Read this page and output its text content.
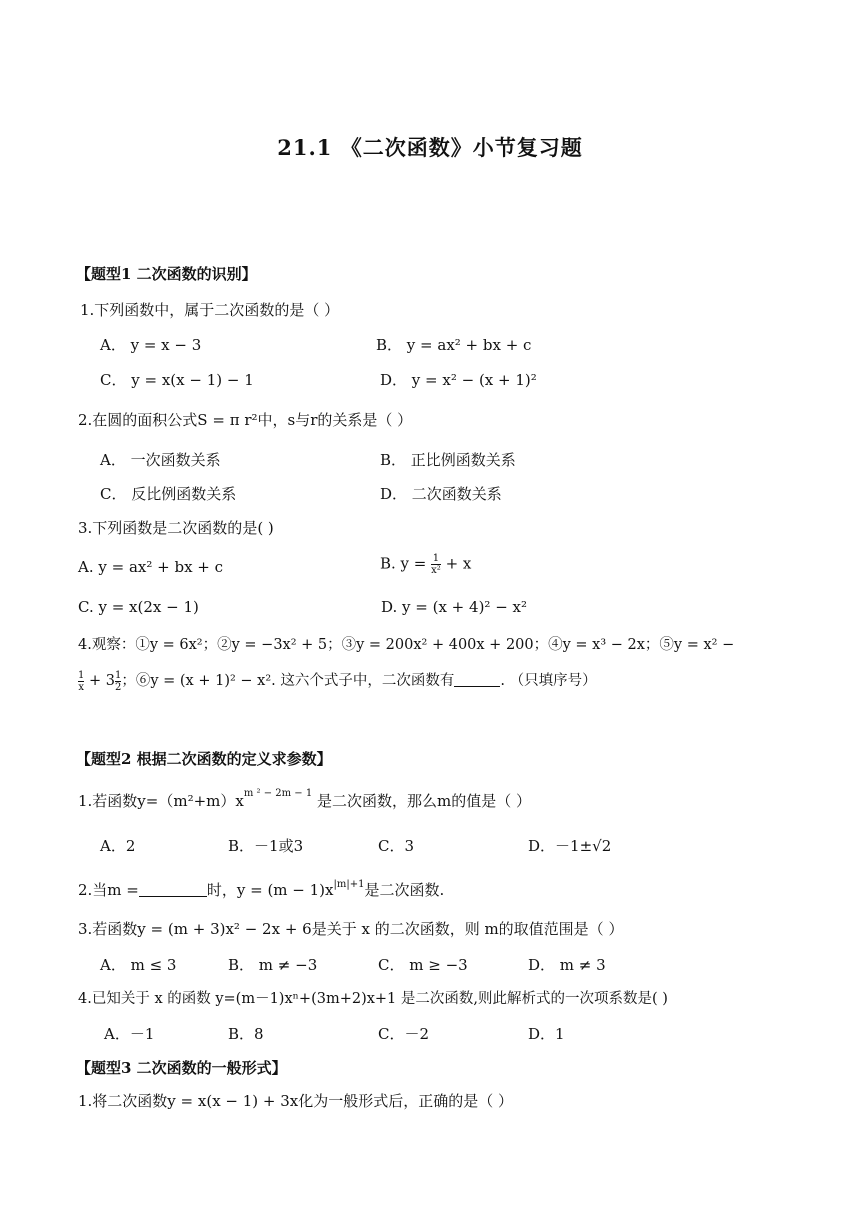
21.1 《二次函数》小节复习题
【题型1 二次函数的识别】
1.下列函数中，属于二次函数的是（ ）
A． y = x − 3	B． y = ax² + bx + c
C． y = x(x − 1) − 1	D． y = x² − (x + 1)²
2.在圆的面积公式S = π r²中，s与r的关系是（ ）
A． 一次函数关系	B． 正比例函数关系
C． 反比例函数关系	D． 二次函数关系
3.下列函数是二次函数的是( )
A. y = ax² + bx + c	B. $y = \frac{1}{\text{x²}} + x$
C. y = x(2x − 1)	D. y = (x + 4)² − x²
4.观察：①y = 6x²；②y = −3x² + 5；③y = 200x² + 400x + 200；④y = x³ − 2x；⑤y = x² −
$\frac{1}{x} + 3 \frac{1}{2}$ ；⑥y = (x + 1)² − x². 这六个式子中，二次函数有	. （只填序号）
【题型2 根据二次函数的定义求参数】
1.若函数$y=(m^2+m)x^{m ^2 - 2m - 1}$ 是二次函数，那么m的值是（ ）
A．2	B．－1或3	C．3	D．－1±√2
2.当m =	时，$y = (m - 1)x^{|m|+1}$是二次函数.
3.若函数y = (m + 3)x² − 2x + 6是关于 x 的二次函数，则 m的取值范围是（ ）
A． m ≤ 3	B． m ≠ −3	C． m ≥ −3	D． m ≠ 3
4.已知关于 x 的函数 y=(m－1)xⁿ+(3m+2)x+1 是二次函数,则此解析式的一次项系数是( )
A．－1	B．8	C．－2	D．1
【题型3 二次函数的一般形式】
1.将二次函数y = x(x − 1) + 3x化为一般形式后，正确的是（ ）
